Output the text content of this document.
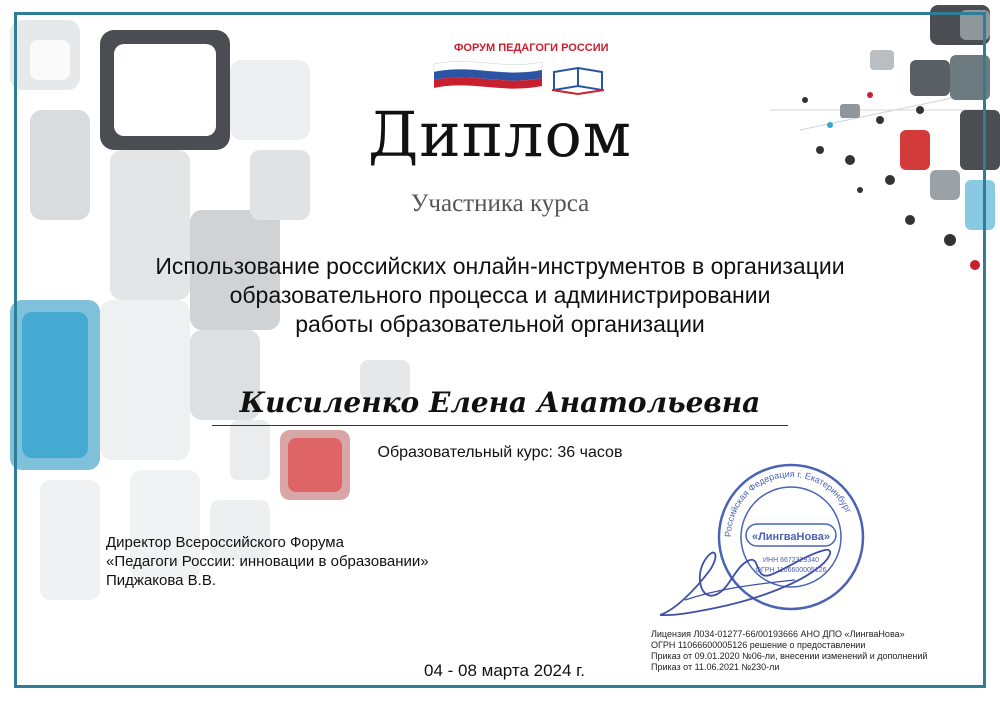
ФОРУМ ПЕДАГОГИ РОССИИ
Диплом
Участника курса
Использование российских онлайн-инструментов в организации
образовательного процесса и администрировании
работы образовательной организации
Кисиленко Елена Анатольевна
Образовательный курс: 36 часов
Директор Всероссийского Форума
«Педагоги России: инновации в образовании»
Пиджакова В.В.
Российская Федерация г. Екатеринбург
«ЛингваНова»
ИНН 6672329340
ОГРН 1106600005126
Лицензия Л034-01277-66/00193666 АНО ДПО «ЛингваНова»
ОГРН 11066600005126 решение о предоставлении
Приказ от 09.01.2020 №06-ли, внесении изменений и дополнений
Приказ от 11.06.2021 №230-ли
04 - 08 марта 2024 г.
